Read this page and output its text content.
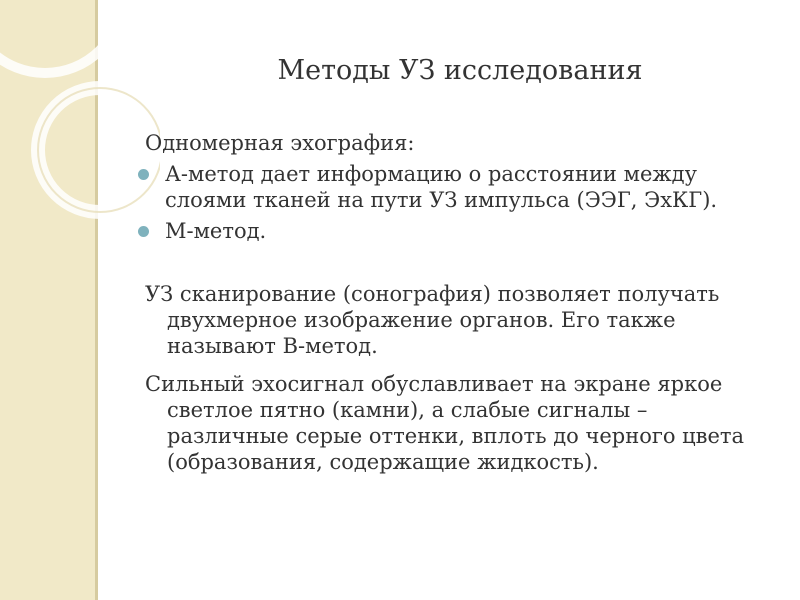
Методы УЗ исследования

Одномерная эхография:

А-метод дает информацию о расстоянии между слоями тканей на пути УЗ импульса (ЭЭГ, ЭхКГ).
М-метод.

УЗ сканирование (сонография) позволяет получать двухмерное изображение органов. Его также называют В-метод.

Сильный эхосигнал обуславливает на экране яркое светлое пятно (камни), а слабые сигналы – различные серые оттенки, вплоть до черного цвета (образования, содержащие жидкость).
